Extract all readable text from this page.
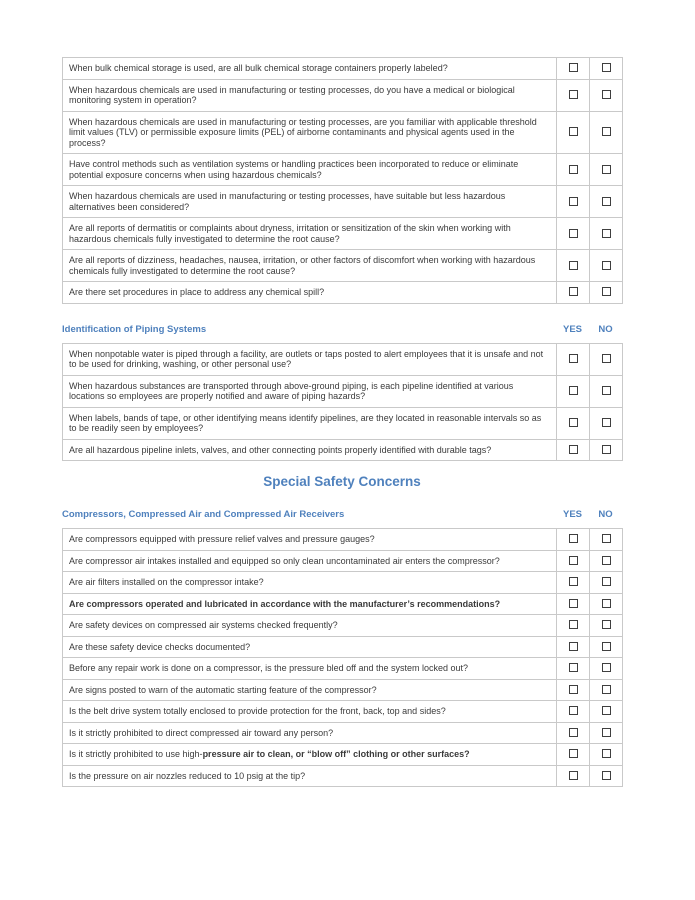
When bulk chemical storage is used, are all bulk chemical storage containers properly labeled?		
When hazardous chemicals are used in manufacturing or testing processes, do you have a medical or biological monitoring system in operation?		
When hazardous chemicals are used in manufacturing or testing processes, are you familiar with applicable threshold limit values (TLV) or permissible exposure limits (PEL) of airborne contaminants and physical agents used in the process?		
Have control methods such as ventilation systems or handling practices been incorporated to reduce or eliminate potential exposure concerns when using hazardous chemicals?		
When hazardous chemicals are used in manufacturing or testing processes, have suitable but less hazardous alternatives been considered?		
Are all reports of dermatitis or complaints about dryness, irritation or sensitization of the skin when working with hazardous chemicals fully investigated to determine the root cause?		
Are all reports of dizziness, headaches, nausea, irritation, or other factors of discomfort when working with hazardous chemicals fully investigated to determine the root cause?		
Are there set procedures in place to address any chemical spill?		
Identification of Piping Systems	YES	NO
When nonpotable water is piped through a facility, are outlets or taps posted to alert employees that it is unsafe and not to be used for drinking, washing, or other personal use?		
When hazardous substances are transported through above-ground piping, is each pipeline identified at various locations so employees are properly notified and aware of piping hazards?		
When labels, bands of tape, or other identifying means identify pipelines, are they located in reasonable intervals so as to be readily seen by employees?		
Are all hazardous pipeline inlets, valves, and other connecting points properly identified with durable tags?		
Special Safety Concerns
Compressors, Compressed Air and Compressed Air Receivers	YES	NO
Are compressors equipped with pressure relief valves and pressure gauges?		
Are compressor air intakes installed and equipped so only clean uncontaminated air enters the compressor?		
Are air filters installed on the compressor intake?		
Are compressors operated and lubricated in accordance with the manufacturer’s recommendations?		
Are safety devices on compressed air systems checked frequently?		
Are these safety device checks documented?		
Before any repair work is done on a compressor, is the pressure bled off and the system locked out?		
Are signs posted to warn of the automatic starting feature of the compressor?		
Is the belt drive system totally enclosed to provide protection for the front, back, top and sides?		
Is it strictly prohibited to direct compressed air toward any person?		
Is it strictly prohibited to use high-pressure air to clean, or “blow off” clothing or other surfaces?		
Is the pressure on air nozzles reduced to 10 psig at the tip?		
